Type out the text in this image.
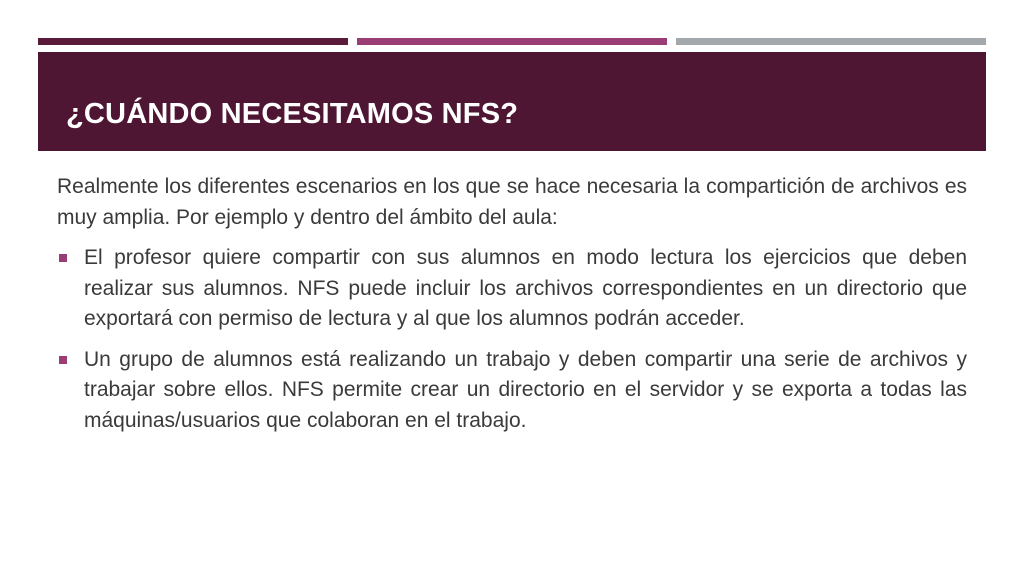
¿CUÁNDO NECESITAMOS NFS?

Realmente los diferentes escenarios en los que se hace necesaria la compartición de archivos es muy amplia. Por ejemplo y dentro del ámbito del aula:

El profesor quiere compartir con sus alumnos en modo lectura los ejercicios que deben realizar sus alumnos. NFS puede incluir los archivos correspondientes en un directorio que exportará con permiso de lectura y al que los alumnos podrán acceder.
Un grupo de alumnos está realizando un trabajo y deben compartir una serie de archivos y trabajar sobre ellos. NFS permite crear un directorio en el servidor y se exporta a todas las máquinas/usuarios que colaboran en el trabajo.
